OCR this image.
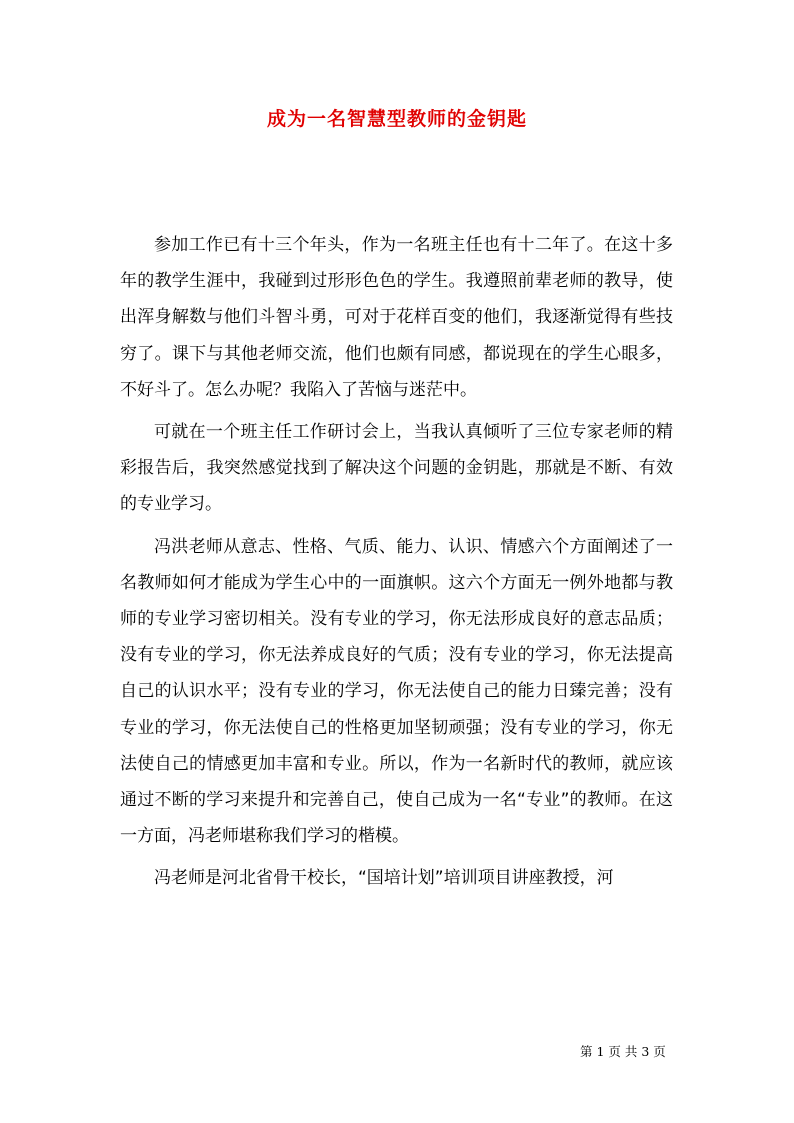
成为一名智慧型教师的金钥匙

参加工作已有十三个年头，作为一名班主任也有十二年了。在这十多年的教学生涯中，我碰到过形形色色的学生。我遵照前辈老师的教导，使出浑身解数与他们斗智斗勇，可对于花样百变的他们，我逐渐觉得有些技穷了。课下与其他老师交流，他们也颇有同感，都说现在的学生心眼多，不好斗了。怎么办呢？我陷入了苦恼与迷茫中。

可就在一个班主任工作研讨会上，当我认真倾听了三位专家老师的精彩报告后，我突然感觉找到了解决这个问题的金钥匙，那就是不断、有效的专业学习。

冯洪老师从意志、性格、气质、能力、认识、情感六个方面阐述了一名教师如何才能成为学生心中的一面旗帜。这六个方面无一例外地都与教师的专业学习密切相关。没有专业的学习，你无法形成良好的意志品质；没有专业的学习，你无法养成良好的气质；没有专业的学习，你无法提高自己的认识水平；没有专业的学习，你无法使自己的能力日臻完善；没有专业的学习，你无法使自己的性格更加坚韧顽强；没有专业的学习，你无法使自己的情感更加丰富和专业。所以，作为一名新时代的教师，就应该通过不断的学习来提升和完善自己，使自己成为一名“专业”的教师。在这一方面，冯老师堪称我们学习的楷模。

冯老师是河北省骨干校长，“国培计划”培训项目讲座教授，河

第 1 页 共 3 页
